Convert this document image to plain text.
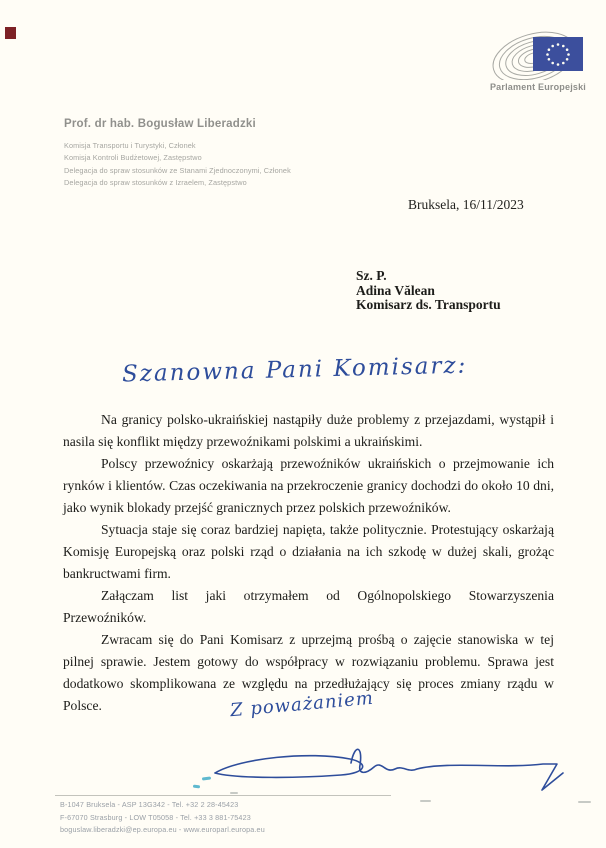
Parlament Europejski
Prof. dr hab. Bogusław Liberadzki
Komisja Transportu i Turystyki, Członek
Komisja Kontroli Budżetowej, Zastępstwo
Delegacja do spraw stosunków ze Stanami Zjednoczonymi, Członek
Delegacja do spraw stosunków z Izraelem, Zastępstwo
Bruksela, 16/11/2023
Sz. P.
Adina Vălean
Komisarz ds. Transportu
Szanowna Pani Komisarz:

Na granicy polsko-ukraińskiej nastąpiły duże problemy z przejazdami, wystąpił i nasila się konflikt między przewoźnikami polskimi a ukraińskimi.

Polscy przewoźnicy oskarżają przewoźników ukraińskich o przejmowanie ich rynków i klientów. Czas oczekiwania na przekroczenie granicy dochodzi do około 10 dni, jako wynik blokady przejść granicznych przez polskich przewoźników.

Sytuacja staje się coraz bardziej napięta, także politycznie. Protestujący oskarżają Komisję Europejską oraz polski rząd o działania na ich szkodę w dużej skali, grożąc bankructwami firm.

Załączam list jaki otrzymałem od Ogólnopolskiego Stowarzyszenia Przewoźników.

Zwracam się do Pani Komisarz z uprzejmą prośbą o zajęcie stanowiska w tej pilnej sprawie. Jestem gotowy do współpracy w rozwiązaniu problemu. Sprawa jest dodatkowo skomplikowana ze względu na przedłużający się proces zmiany rządu w Polsce.	Z poważaniem
B-1047 Bruksela - ASP 13G342 - Tel. +32 2 28-45423
F-67070 Strasburg - LOW T05058 - Tel. +33 3 881-75423
boguslaw.liberadzki@ep.europa.eu - www.europarl.europa.eu
